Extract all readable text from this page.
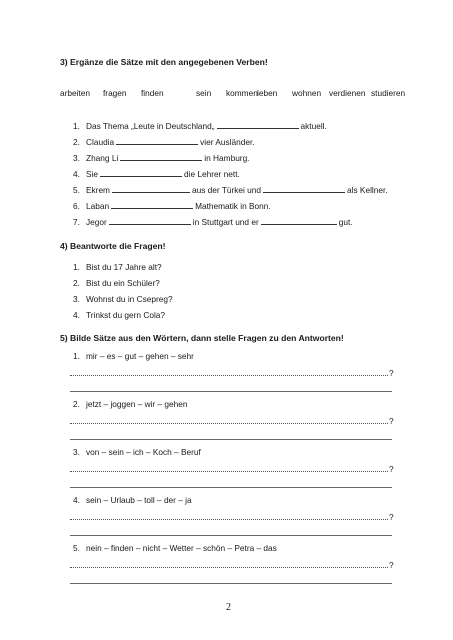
3) Ergänze die Sätze mit den angegebenen Verben!
arbeiten fragen finden	sein kommen leben wohnen verdienen studieren
1. Das Thema „Leute in Deutschland„	aktuell.
2. Claudia	vier Ausländer.
3. Zhang Li	in Hamburg.
4. Sie	die Lehrer nett.
5. Ekrem	aus der Türkei und	als Kellner.
6. Laban	Mathematik in Bonn.
7. Jegor	in Stuttgart und er	gut.
4) Beantworte die Fragen!
1. Bist du 17 Jahre alt?
2. Bist du ein Schüler?
3. Wohnst du in Csepreg?
4. Trinkst du gern Cola?
5) Bilde Sätze aus den Wörtern, dann stelle Fragen zu den Antworten!
1. mir – es – gut – gehen – sehr
?
2. jetzt – joggen – wir – gehen
?
3. von – sein – ich – Koch – Beruf
?
4. sein – Urlaub – toll – der – ja
?
5. nein – finden – nicht – Wetter – schön – Petra – das
?
2
